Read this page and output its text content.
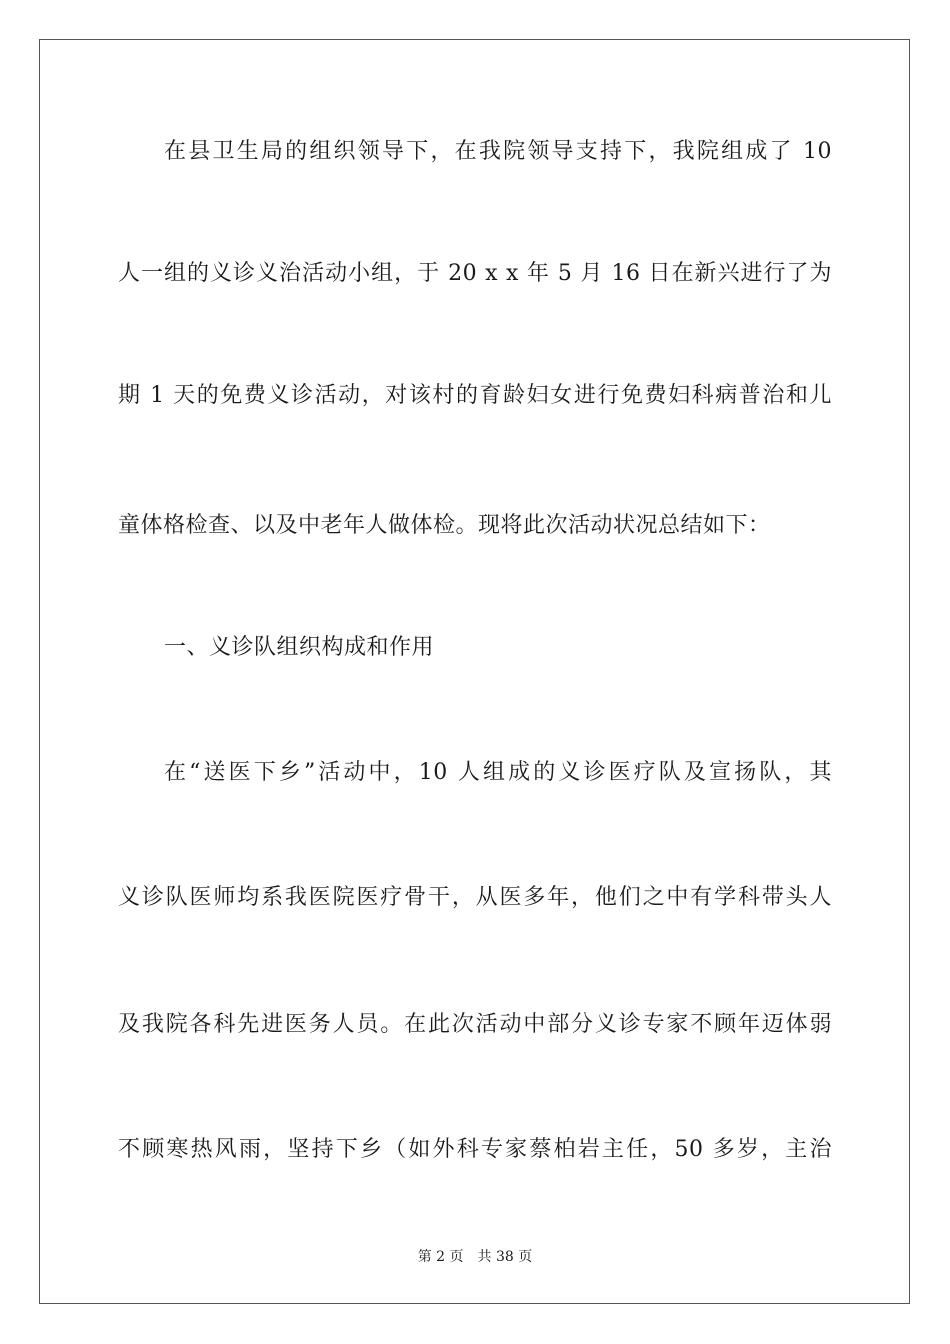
在县卫生局的组织领导下，在我院领导支持下，我院组成了 10
人一组的义诊义治活动小组，于 20 x x 年 5 月 16 日在新兴进行了为
期 1 天的免费义诊活动，对该村的育龄妇女进行免费妇科病普治和儿
童体格检查、以及中老年人做体检。现将此次活动状况总结如下：
一、义诊队组织构成和作用
在“送医下乡”活动中，10 人组成的义诊医疗队及宣扬队，其
义诊队医师均系我医院医疗骨干，从医多年，他们之中有学科带头人
及我院各科先进医务人员。在此次活动中部分义诊专家不顾年迈体弱
不顾寒热风雨，坚持下乡（如外科专家蔡柏岩主任，50 多岁，主治
第 2 页 共 38 页
